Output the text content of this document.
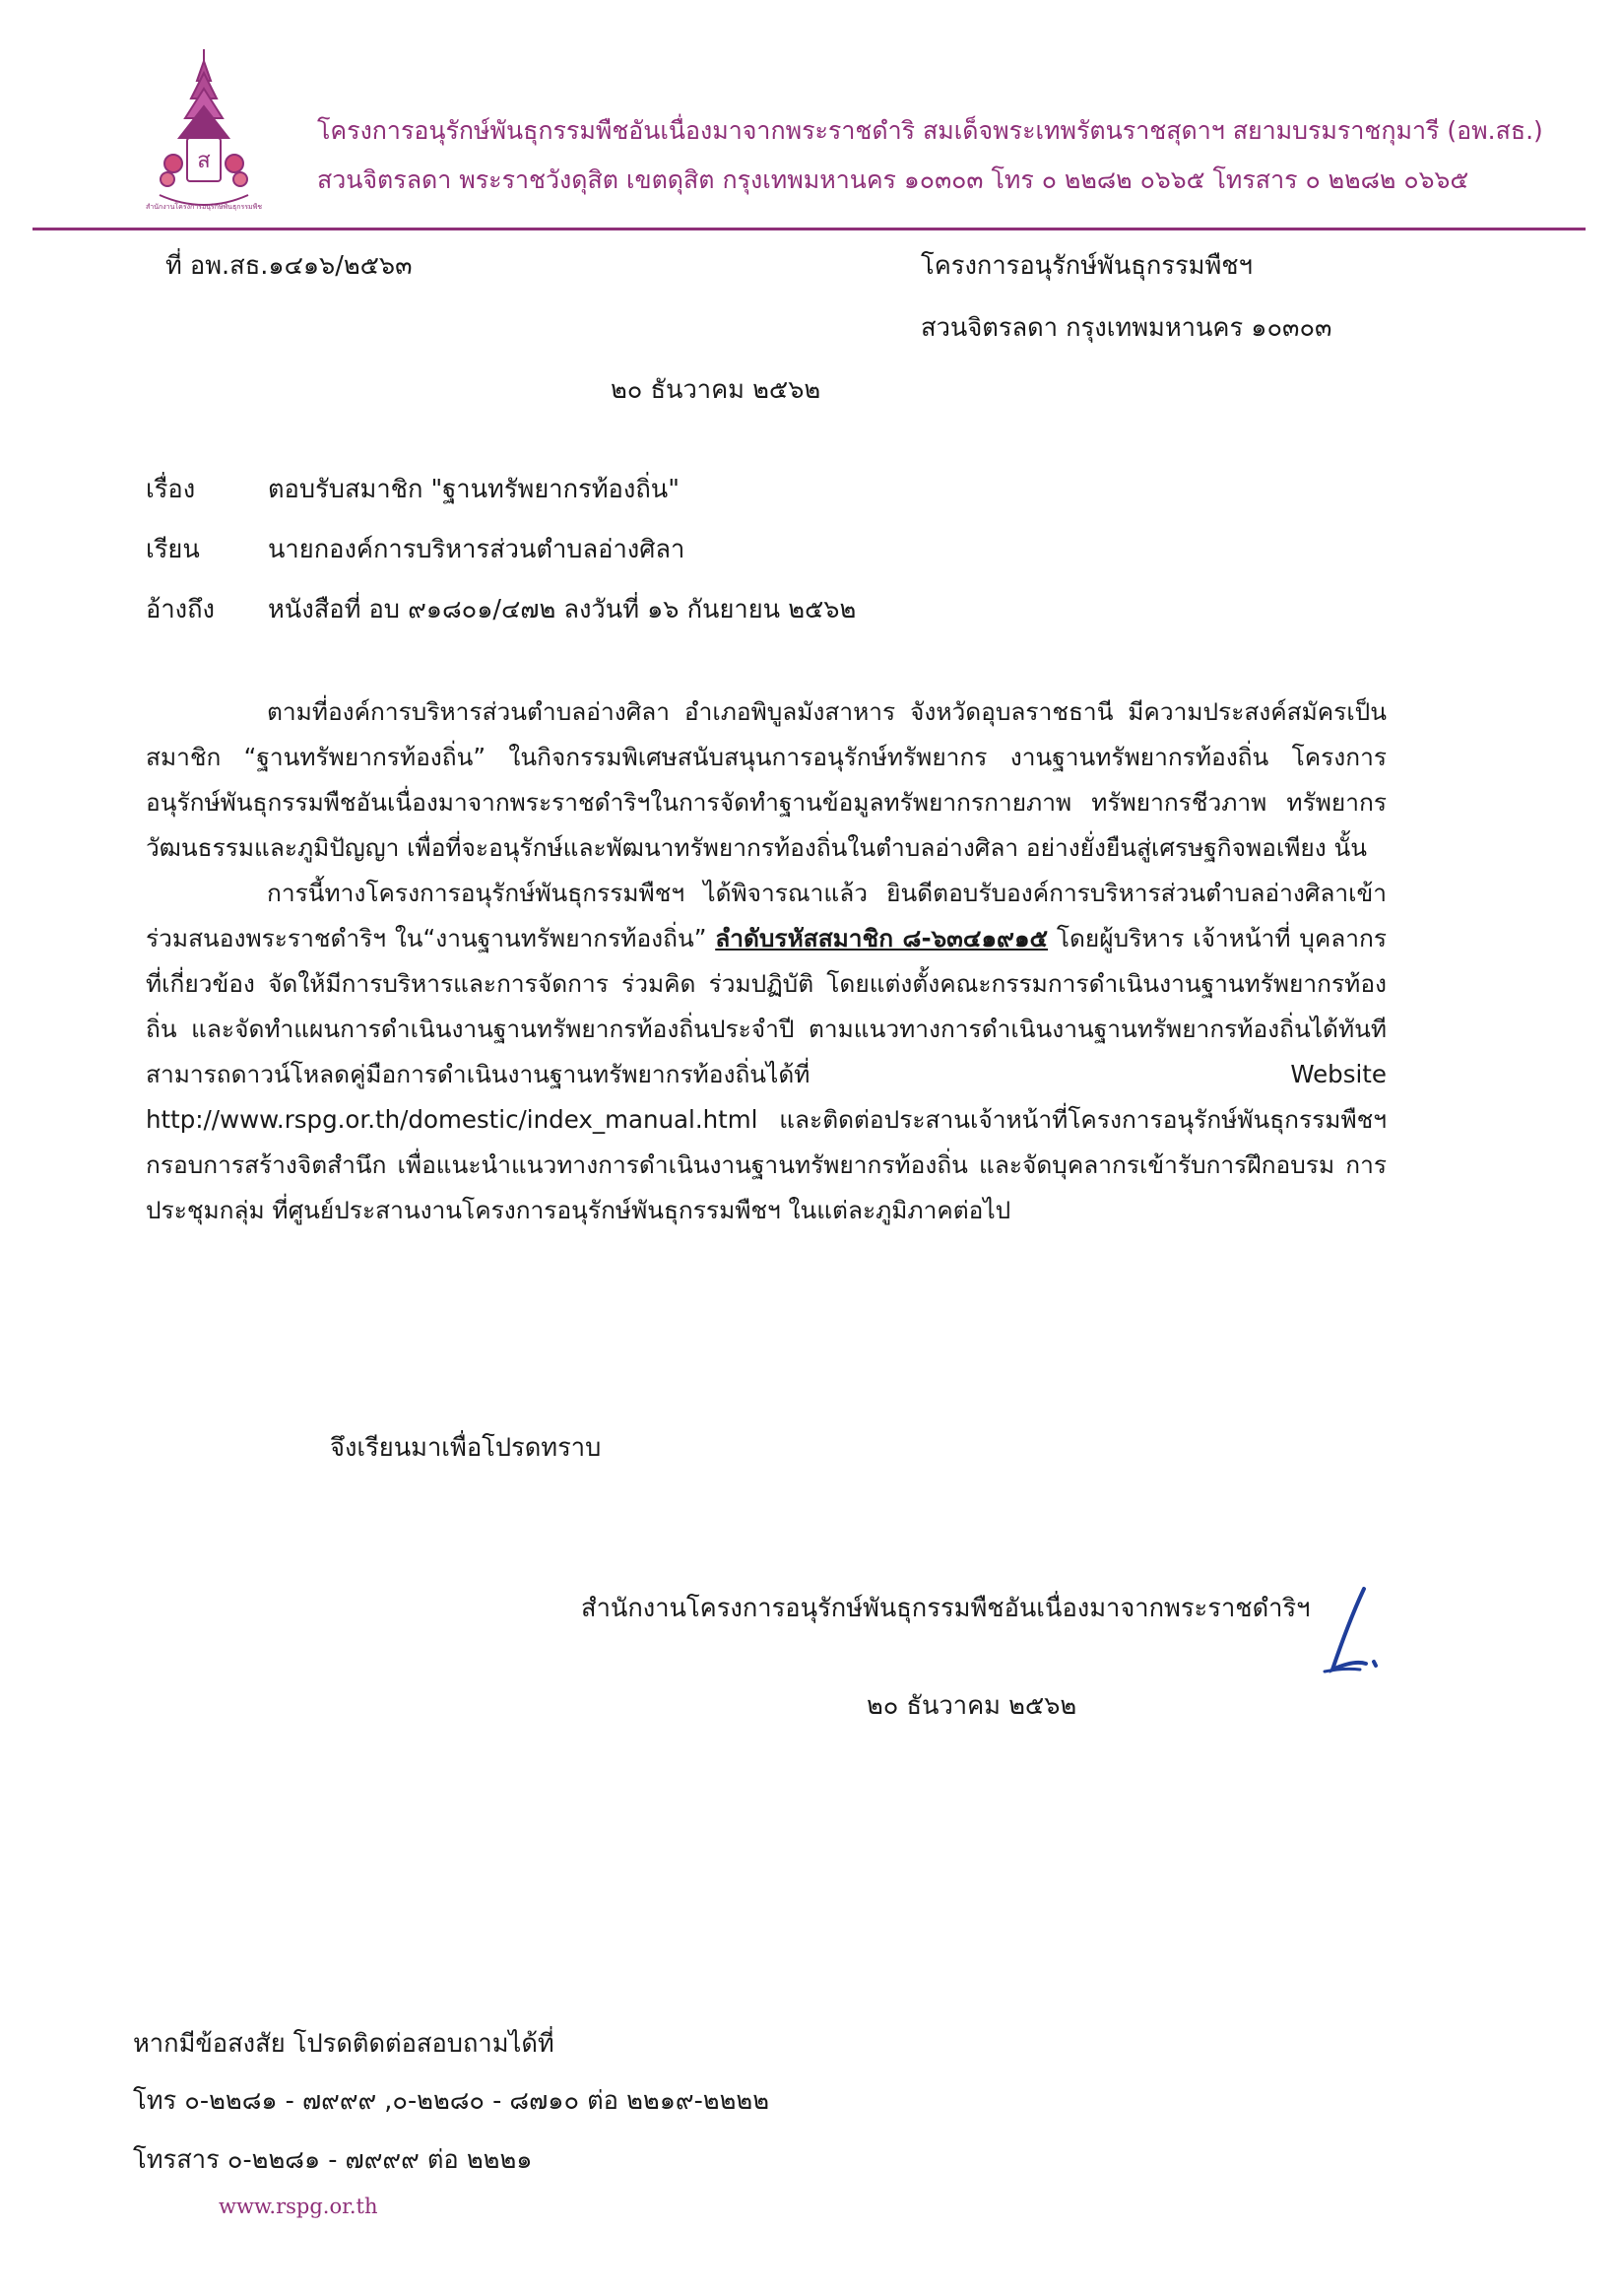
ส
สำนักงานโครงการอนุรักษ์พันธุกรรมพืช
โครงการอนุรักษ์พันธุกรรมพืชอันเนื่องมาจากพระราชดำริ สมเด็จพระเทพรัตนราชสุดาฯ สยามบรมราชกุมารี (อพ.สธ.)
สวนจิตรลดา พระราชวังดุสิต เขตดุสิต กรุงเทพมหานคร ๑๐๓๐๓ โทร ๐ ๒๒๘๒ ๐๖๖๕ โทรสาร ๐ ๒๒๘๒ ๐๖๖๕
ที่ อพ.สธ.๑๔๑๖/๒๕๖๓	โครงการอนุรักษ์พันธุกรรมพืชฯ
สวนจิตรลดา กรุงเทพมหานคร ๑๐๓๐๓
๒๐ ธันวาคม ๒๕๖๒
เรื่อง	ตอบรับสมาชิก "ฐานทรัพยากรท้องถิ่น"
เรียน	นายกองค์การบริหารส่วนตำบลอ่างศิลา
อ้างถึง	หนังสือที่ อบ ๙๑๘๐๑/๔๗๒ ลงวันที่ ๑๖ กันยายน ๒๕๖๒

ตามที่องค์การบริหารส่วนตำบลอ่างศิลา อำเภอพิบูลมังสาหาร จังหวัดอุบลราชธานี มีความประสงค์สมัครเป็นสมาชิก “ฐานทรัพยากรท้องถิ่น” ในกิจกรรมพิเศษสนับสนุนการอนุรักษ์ทรัพยากร งานฐานทรัพยากรท้องถิ่น โครงการอนุรักษ์พันธุกรรมพืชอันเนื่องมาจากพระราชดำริฯในการจัดทำฐานข้อมูลทรัพยากรกายภาพ ทรัพยากรชีวภาพ ทรัพยากรวัฒนธรรมและภูมิปัญญา เพื่อที่จะอนุรักษ์และพัฒนาทรัพยากรท้องถิ่นในตำบลอ่างศิลา อย่างยั่งยืนสู่เศรษฐกิจพอเพียง นั้น

การนี้ทางโครงการอนุรักษ์พันธุกรรมพืชฯ ได้พิจารณาแล้ว ยินดีตอบรับองค์การบริหารส่วนตำบลอ่างศิลาเข้าร่วมสนองพระราชดำริฯ ใน“งานฐานทรัพยากรท้องถิ่น” ลำดับรหัสสมาชิก ๘-๖๓๔๑๙๑๕ โดยผู้บริหาร เจ้าหน้าที่ บุคลากรที่เกี่ยวข้อง จัดให้มีการบริหารและการจัดการ ร่วมคิด ร่วมปฏิบัติ โดยแต่งตั้งคณะกรรมการดำเนินงานฐานทรัพยากรท้องถิ่น และจัดทำแผนการดำเนินงานฐานทรัพยากรท้องถิ่นประจำปี ตามแนวทางการดำเนินงานฐานทรัพยากรท้องถิ่นได้ทันที สามารถดาวน์โหลดคู่มือการดำเนินงานฐานทรัพยากรท้องถิ่นได้ที่ Website http://www.rspg.or.th/domestic/index_manual.html และติดต่อประสานเจ้าหน้าที่โครงการอนุรักษ์พันธุกรรมพืชฯ กรอบการสร้างจิตสำนึก เพื่อแนะนำแนวทางการดำเนินงานฐานทรัพยากรท้องถิ่น และจัดบุคลากรเข้ารับการฝึกอบรม การประชุมกลุ่ม ที่ศูนย์ประสานงานโครงการอนุรักษ์พันธุกรรมพืชฯ ในแต่ละภูมิภาคต่อไป

จึงเรียนมาเพื่อโปรดทราบ
สำนักงานโครงการอนุรักษ์พันธุกรรมพืชอันเนื่องมาจากพระราชดำริฯ
๒๐ ธันวาคม ๒๕๖๒
หากมีข้อสงสัย โปรดติดต่อสอบถามได้ที่
โทร ๐-๒๒๘๑ - ๗๙๙๙ ,๐-๒๒๘๐ - ๘๗๑๐ ต่อ ๒๒๑๙-๒๒๒๒
โทรสาร ๐-๒๒๘๑ - ๗๙๙๙ ต่อ ๒๒๒๑
www.rspg.or.th
